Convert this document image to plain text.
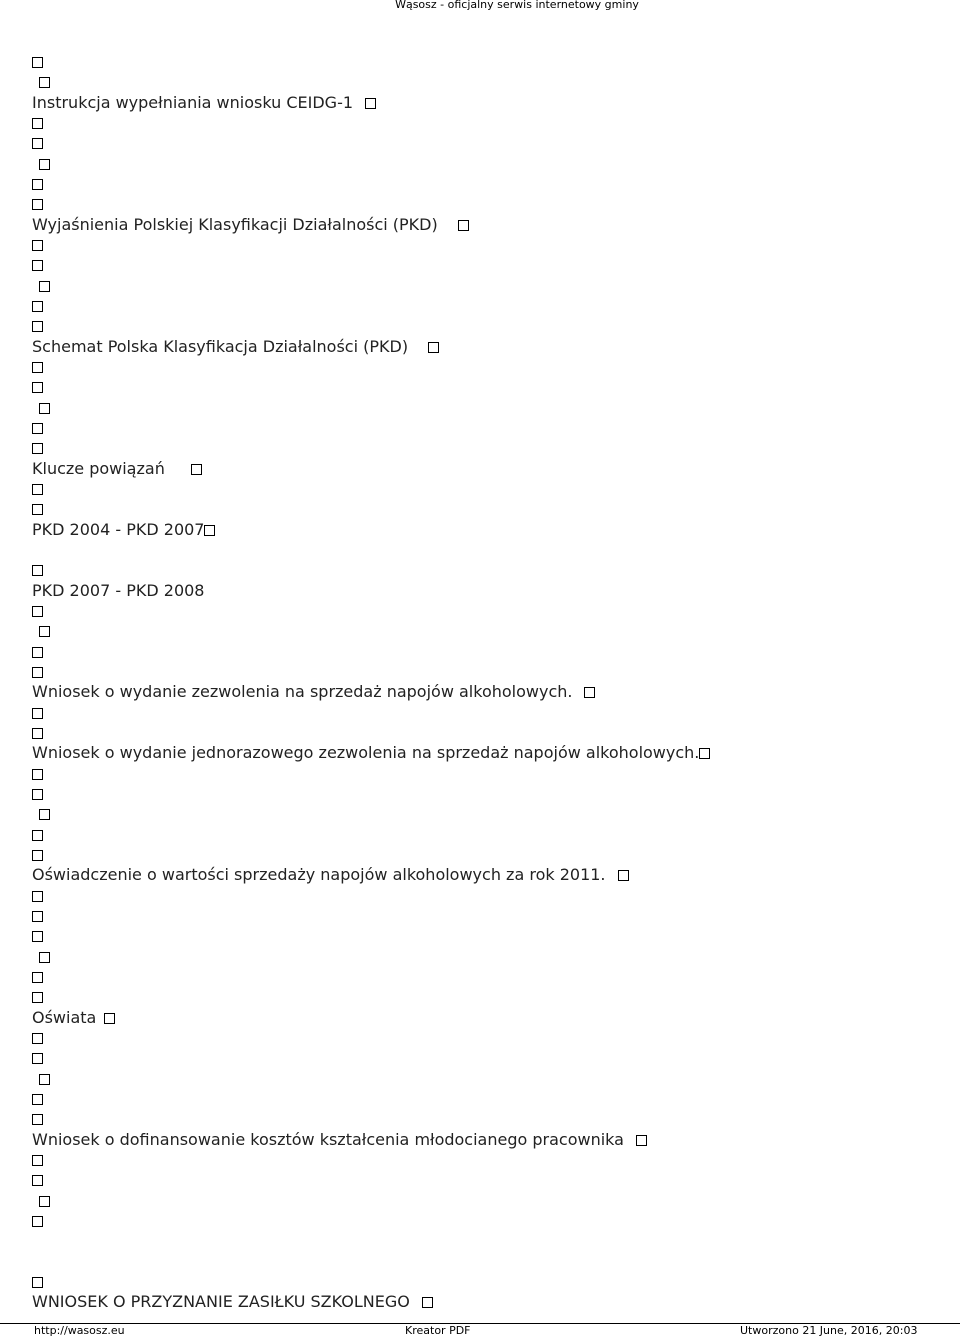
Wąsosz - oficjalny serwis internetowy gminy
Instrukcja wypełniania wniosku CEIDG-1
Wyjaśnienia Polskiej Klasyfikacji Działalności (PKD)
Schemat Polska Klasyfikacja Działalności (PKD)
Klucze powiązań
PKD 2004 - PKD 2007
PKD 2007 - PKD 2008
Wniosek o wydanie zezwolenia na sprzedaż napojów alkoholowych.
Wniosek o wydanie jednorazowego zezwolenia na sprzedaż napojów alkoholowych.
Oświadczenie o wartości sprzedaży napojów alkoholowych za rok 2011.
Oświata
Wniosek o dofinansowanie kosztów kształcenia młodocianego pracownika
WNIOSEK O PRZYZNANIE ZASIŁKU SZKOLNEGO
http://wasosz.eu	Kreator PDF	Utworzono 21 June, 2016, 20:03
